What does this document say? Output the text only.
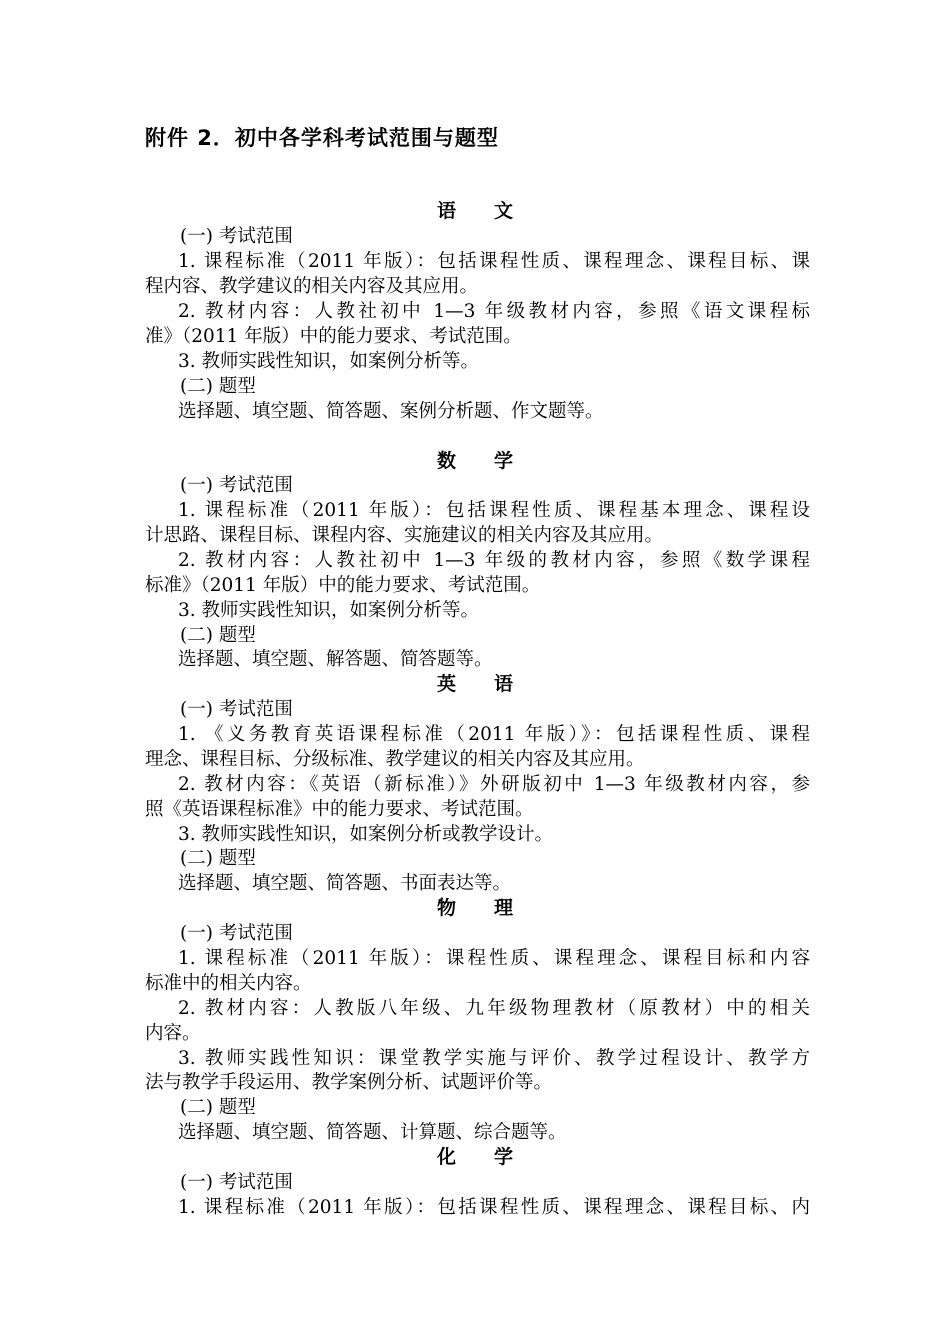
附件 2．初中各学科考试范围与题型
语　　文
(一) 考试范围
1. 课程标准（2011 年版）：包括课程性质、课程理念、课程目标、课
程内容、教学建议的相关内容及其应用。
2. 教材内容：人教社初中 1—3 年级教材内容，参照《语文课程标
准》（2011 年版）中的能力要求、考试范围。
3. 教师实践性知识，如案例分析等。
(二) 题型
选择题、填空题、简答题、案例分析题、作文题等。
数　　学
(一) 考试范围
1. 课程标准（2011 年版）：包括课程性质、课程基本理念、课程设
计思路、课程目标、课程内容、实施建议的相关内容及其应用。
2. 教材内容：人教社初中 1—3 年级的教材内容，参照《数学课程
标准》（2011 年版）中的能力要求、考试范围。
3. 教师实践性知识，如案例分析等。
(二) 题型
选择题、填空题、解答题、简答题等。
英　　语
(一) 考试范围
1. 《义务教育英语课程标准（2011 年版）》：包括课程性质、课程
理念、课程目标、分级标准、教学建议的相关内容及其应用。
2. 教材内容：《英语（新标准）》外研版初中 1—3 年级教材内容，参
照《英语课程标准》中的能力要求、考试范围。
3. 教师实践性知识，如案例分析或教学设计。
(二) 题型
选择题、填空题、简答题、书面表达等。
物　　理
(一) 考试范围
1. 课程标准（2011 年版）：课程性质、课程理念、课程目标和内容
标准中的相关内容。
2. 教材内容：人教版八年级、九年级物理教材（原教材）中的相关
内容。
3. 教师实践性知识：课堂教学实施与评价、教学过程设计、教学方
法与教学手段运用、教学案例分析、试题评价等。
(二) 题型
选择题、填空题、简答题、计算题、综合题等。
化　　学
(一) 考试范围
1. 课程标准（2011 年版）：包括课程性质、课程理念、课程目标、内
